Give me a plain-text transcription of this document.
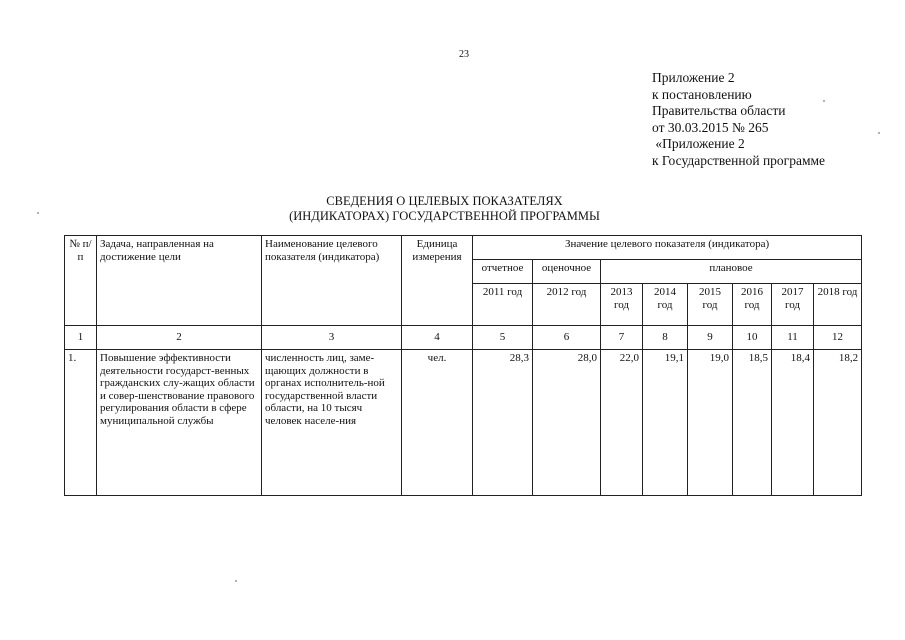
23
Приложение 2
к постановлению
Правительства области
от 30.03.2015 № 265
«Приложение 2
к Государственной программе
СВЕДЕНИЯ О ЦЕЛЕВЫХ ПОКАЗАТЕЛЯХ
(ИНДИКАТОРАХ) ГОСУДАРСТВЕННОЙ ПРОГРАММЫ
№ п/п	Задача, направленная на достижение цели	Наименование целевого показателя (индикатора)	Единица измерения	Значение целевого показателя (индикатора)							
				отчетное	оценочное	плановое					
				2011 год	2012 год	2013 год	2014 год	2015 год	2016 год	2017 год	2018 год
1	2	3	4	5	6	7	8	9	10	11	12
1.	Повышение эффективности деятельности государст-венных гражданских слу-жащих области и совер-шенствование правового регулирования области в сфере муниципальной службы	численность лиц, заме-щающих должности в органах исполнитель-ной государственной власти области, на 10 тысяч человек населе-ния	чел.	28,3	28,0	22,0	19,1	19,0	18,5	18,4	18,2
